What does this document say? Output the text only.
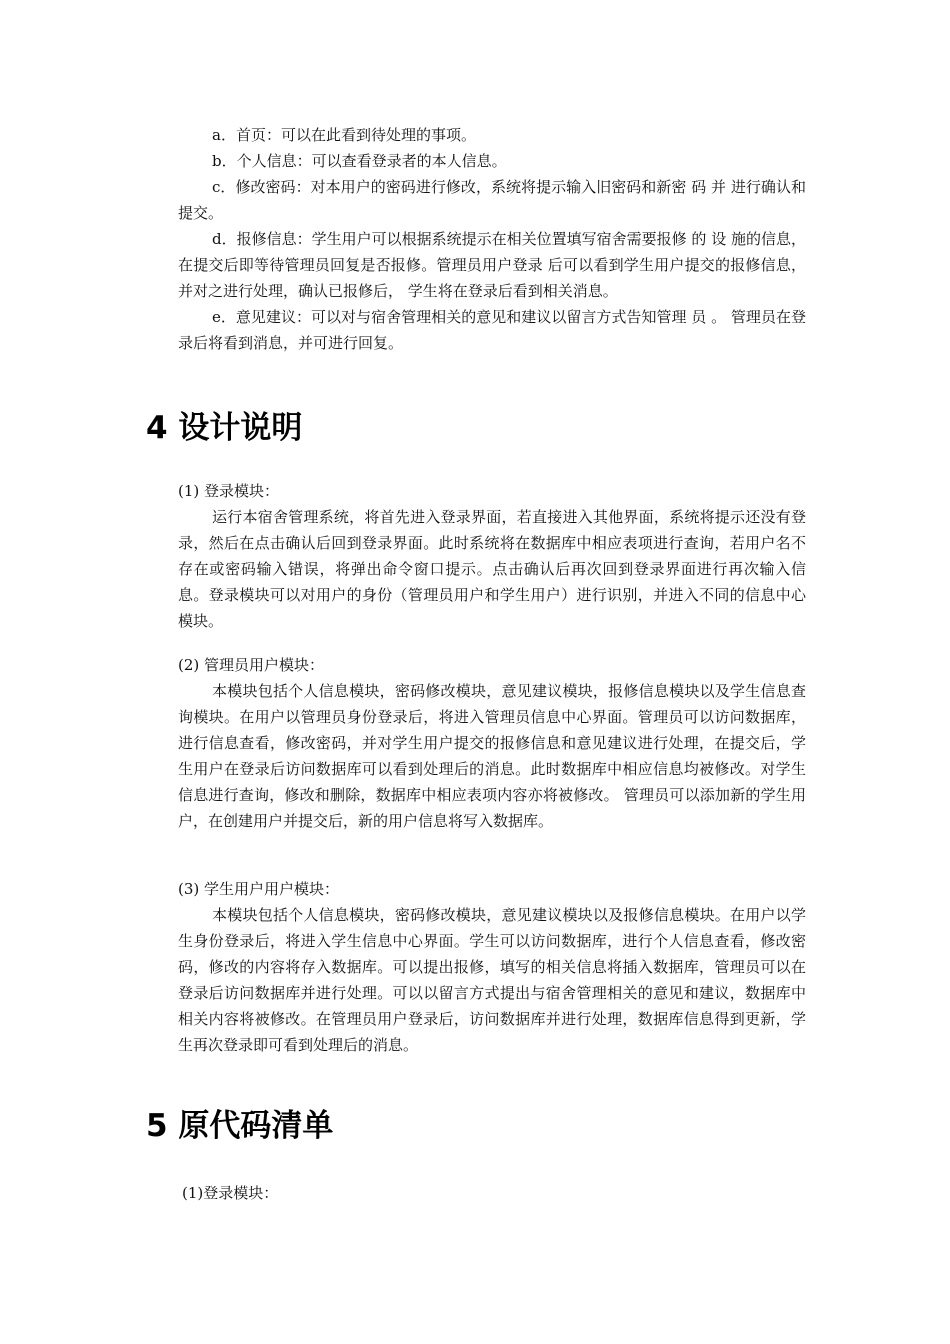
a．首页：可以在此看到待处理的事项。

b．个人信息：可以查看登录者的本人信息。

c．修改密码：对本用户的密码进行修改，系统将提示输入旧密码和新密 码 并 进行确认和提交。

d．报修信息：学生用户可以根据系统提示在相关位置填写宿舍需要报修 的 设 施的信息，在提交后即等待管理员回复是否报修。管理员用户登录 后可以看到学生用户提交的报修信息，并对之进行处理，确认已报修后， 学生将在登录后看到相关消息。

e．意见建议：可以对与宿舍管理相关的意见和建议以留言方式告知管理 员 。 管理员在登录后将看到消息，并可进行回复。

4 设计说明

(1) 登录模块：

运行本宿舍管理系统，将首先进入登录界面，若直接进入其他界面，系统将提示还没有登录，然后在点击确认后回到登录界面。此时系统将在数据库中相应表项进行查询，若用户名不存在或密码输入错误，将弹出命令窗口提示。点击确认后再次回到登录界面进行再次输入信息。登录模块可以对用户的身份（管理员用户和学生用户）进行识别，并进入不同的信息中心模块。

(2) 管理员用户模块：

本模块包括个人信息模块，密码修改模块，意见建议模块，报修信息模块以及学生信息查询模块。在用户以管理员身份登录后，将进入管理员信息中心界面。管理员可以访问数据库，进行信息查看，修改密码，并对学生用户提交的报修信息和意见建议进行处理，在提交后，学生用户在登录后访问数据库可以看到处理后的消息。此时数据库中相应信息均被修改。对学生信息进行查询，修改和删除，数据库中相应表项内容亦将被修改。 管理员可以添加新的学生用户，在创建用户并提交后，新的用户信息将写入数据库。

(3) 学生用户用户模块：

本模块包括个人信息模块，密码修改模块，意见建议模块以及报修信息模块。在用户以学生身份登录后，将进入学生信息中心界面。学生可以访问数据库，进行个人信息查看，修改密码，修改的内容将存入数据库。可以提出报修，填写的相关信息将插入数据库，管理员可以在登录后访问数据库并进行处理。可以以留言方式提出与宿舍管理相关的意见和建议，数据库中相关内容将被修改。在管理员用户登录后，访问数据库并进行处理，数据库信息得到更新，学生再次登录即可看到处理后的消息。

5 原代码清单
(1)登录模块：
